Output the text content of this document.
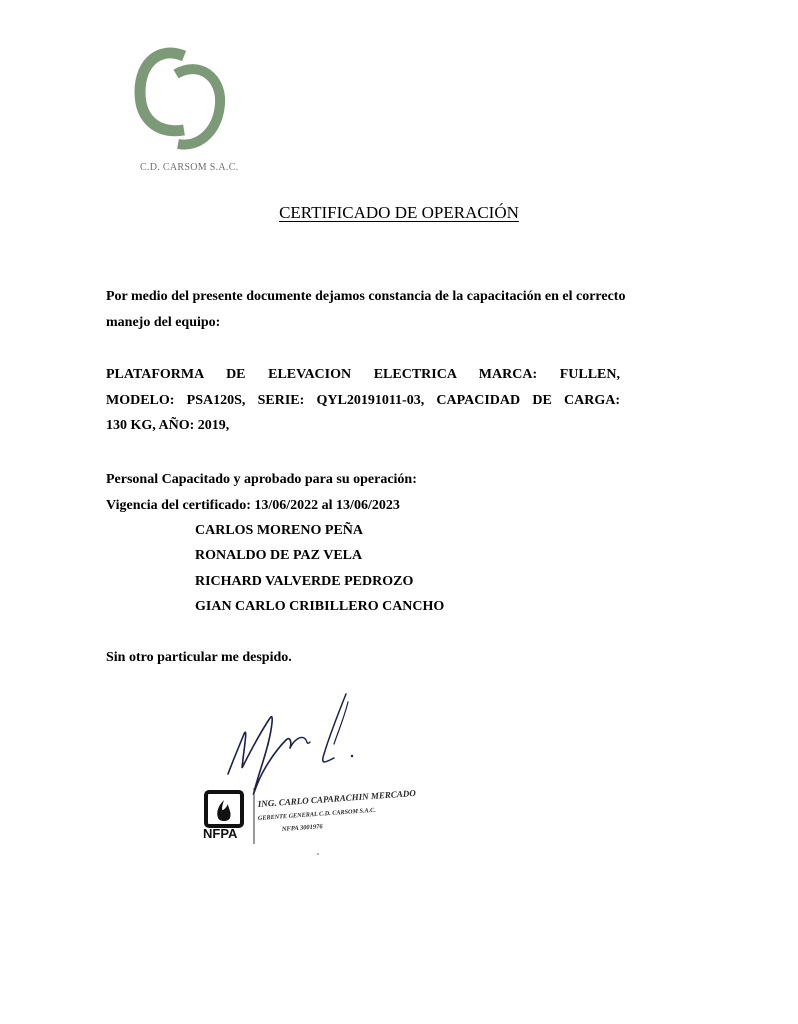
C.D. CARSOM S.A.C.
CERTIFICADO DE OPERACIÓN
Por medio del presente documente dejamos constancia de la capacitación en el correcto
manejo del equipo:
PLATAFORMA DE ELEVACION ELECTRICA MARCA: FULLEN,
MODELO: PSA120S, SERIE: QYL20191011-03, CAPACIDAD DE CARGA:
130 KG, AÑO: 2019,
Personal Capacitado y aprobado para su operación:
Vigencia del certificado: 13/06/2022 al 13/06/2023
CARLOS MORENO PEÑA
RONALDO DE PAZ VELA
RICHARD VALVERDE PEDROZO
GIAN CARLO CRIBILLERO CANCHO
Sin otro particular me despido.
NFPA
ING. CARLO CAPARACHIN MERCADO
GERENTE GENERAL C.D. CARSOM S.A.C.
NFPA 3001976
